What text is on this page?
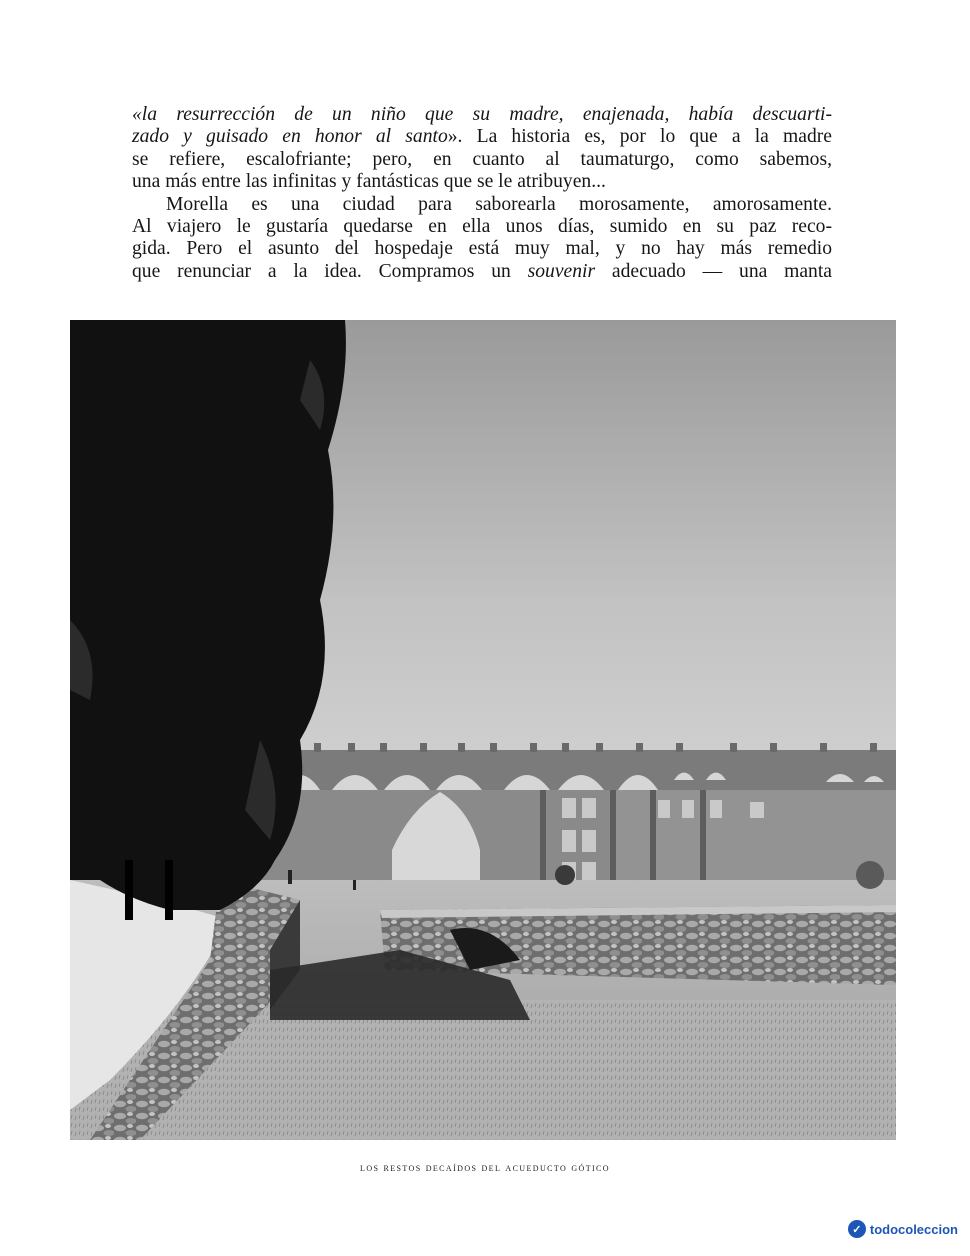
«la resurrección de un niño que su madre, enajenada, había descuarti-
zado y guisado en honor al santo». La historia es, por lo que a la madre
se refiere, escalofriante; pero, en cuanto al taumaturgo, como sabemos,
una más entre las infinitas y fantásticas que se le atribuyen...
Morella es una ciudad para saborearla morosamente, amorosamente.
Al viajero le gustaría quedarse en ella unos días, sumido en su paz reco-
gida. Pero el asunto del hospedaje está muy mal, y no hay más remedio
que renunciar a la idea. Compramos un souvenir adecuado — una manta
los restos decaídos del acueducto gótico
✓ todocoleccion
